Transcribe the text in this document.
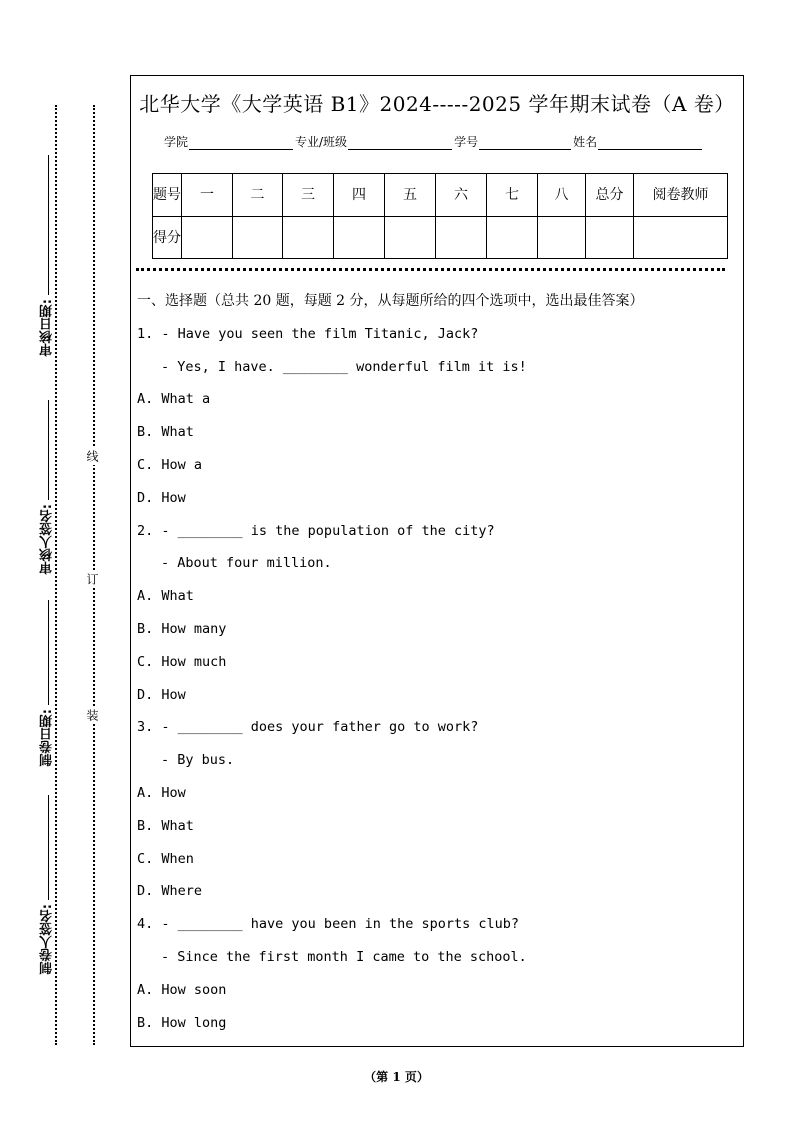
审核日期:
审核人签名:
制卷日期:
制卷人签名:
线
订
装
北华大学《大学英语 B1》2024-----2025 学年期末试卷（A 卷）
学院	专业/班级	学号	姓名
题号	一	二	三	四	五	六	七	八	总分	阅卷教师
得分										
一、选择题（总共 20 题，每题 2 分，从每题所给的四个选项中，选出最佳答案）
1. - Have you seen the film Titanic, Jack?
- Yes, I have. ________ wonderful film it is!
A. What a
B. What
C. How a
D. How
2. - ________ is the population of the city?
- About four million.
A. What
B. How many
C. How much
D. How
3. - ________ does your father go to work?
- By bus.
A. How
B. What
C. When
D. Where
4. - ________ have you been in the sports club?
- Since the first month I came to the school.
A. How soon
B. How long
（第 1 页）
